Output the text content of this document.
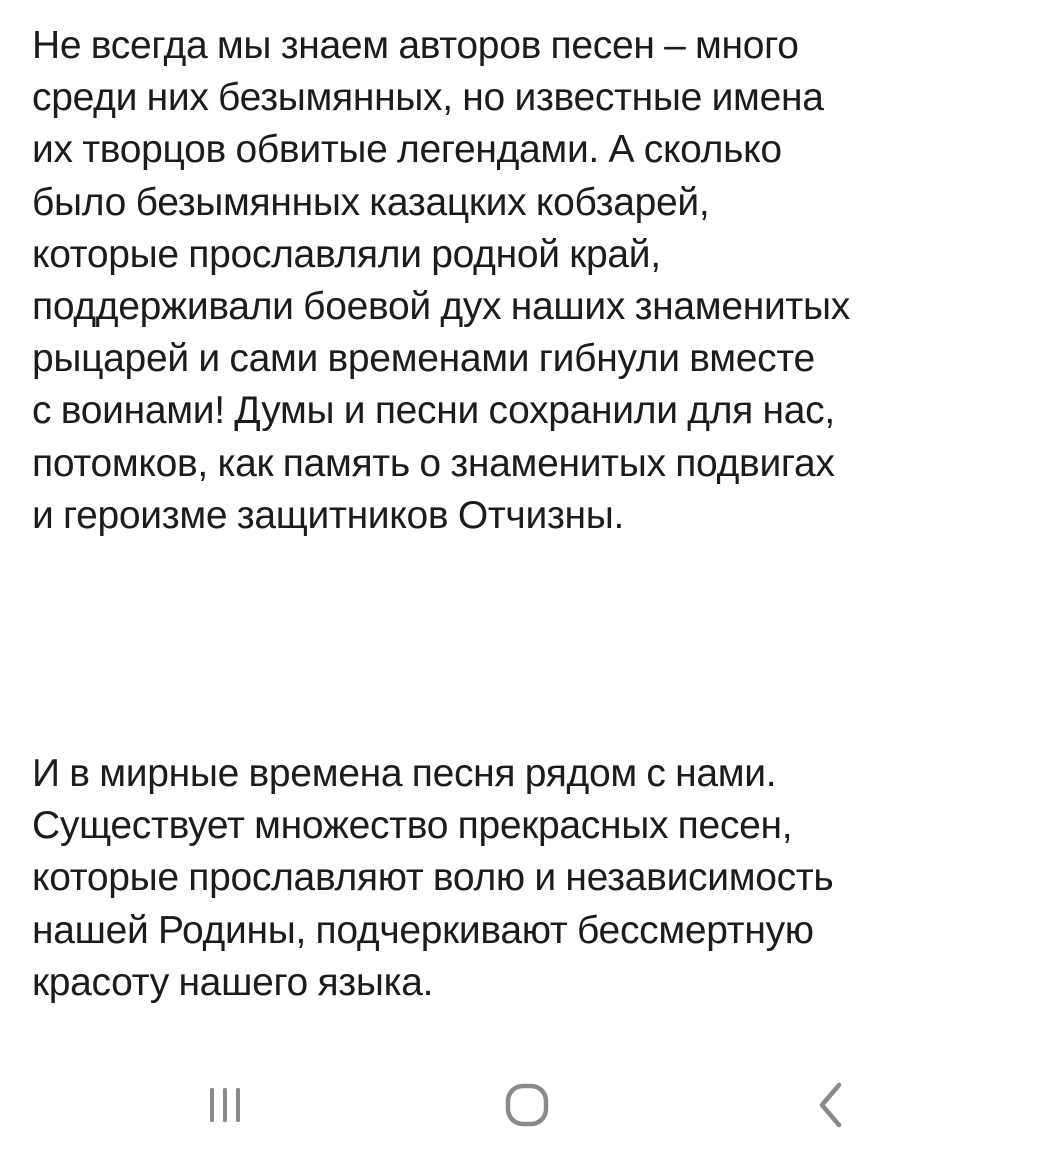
Не всегда мы знаем авторов песен – много
среди них безымянных, но известные имена
их творцов обвитые легендами. А сколько
было безымянных казацких кобзарей,
которые прославляли родной край,
поддерживали боевой дух наших знаменитых
рыцарей и сами временами гибнули вместе
с воинами! Думы и песни сохранили для нас,
потомков, как память о знаменитых подвигах
и героизме защитников Отчизны.

И в мирные времена песня рядом с нами.
Существует множество прекрасных песен,
которые прославляют волю и независимость
нашей Родины, подчеркивают бессмертную
красоту нашего языка.
